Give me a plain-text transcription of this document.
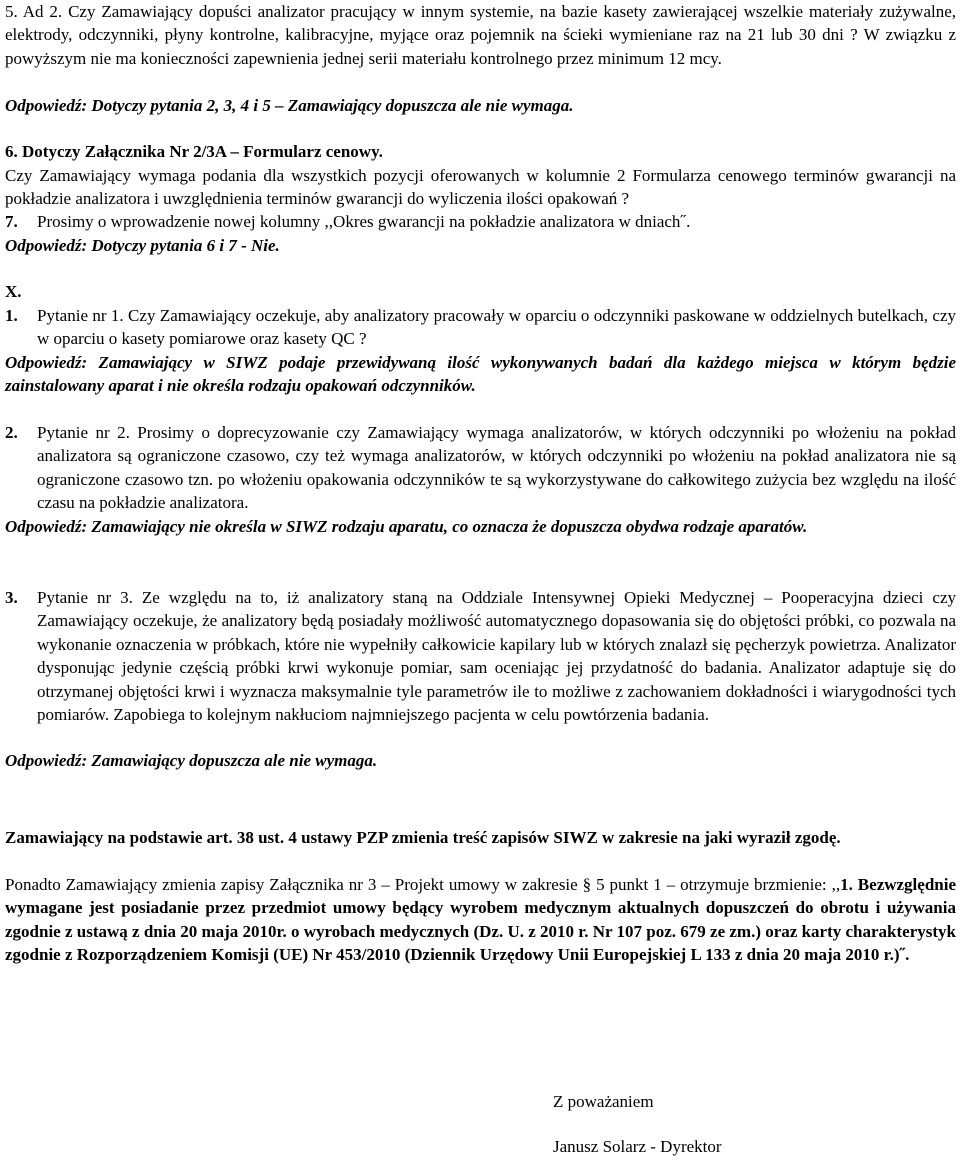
5. Ad 2. Czy Zamawiający dopuści analizator pracujący w innym systemie, na bazie kasety zawierającej wszelkie materiały zużywalne, elektrody, odczynniki, płyny kontrolne, kalibracyjne, myjące oraz pojemnik na ścieki wymieniane raz na 21 lub 30 dni ? W związku z powyższym nie ma konieczności zapewnienia jednej serii materiału kontrolnego przez minimum 12 mcy.
Odpowiedź: Dotyczy pytania 2, 3, 4 i 5 – Zamawiający dopuszcza ale nie wymaga.
6. Dotyczy Załącznika Nr 2/3A – Formularz cenowy.
Czy Zamawiający wymaga podania dla wszystkich pozycji oferowanych w kolumnie 2 Formularza cenowego terminów gwarancji na pokładzie analizatora i uwzględnienia terminów gwarancji do wyliczenia ilości opakowań ?
7. Prosimy o wprowadzenie nowej kolumny ,,Okres gwarancji na pokładzie analizatora w dniach˝.
Odpowiedź: Dotyczy pytania 6 i 7 - Nie.
X.
1. Pytanie nr 1. Czy Zamawiający oczekuje, aby analizatory pracowały w oparciu o odczynniki paskowane w oddzielnych butelkach, czy w oparciu o kasety pomiarowe oraz kasety QC ?
Odpowiedź: Zamawiający w SIWZ podaje przewidywaną ilość wykonywanych badań dla każdego miejsca w którym będzie zainstalowany aparat i nie określa rodzaju opakowań odczynników.
2. Pytanie nr 2. Prosimy o doprecyzowanie czy Zamawiający wymaga analizatorów, w których odczynniki po włożeniu na pokład analizatora są ograniczone czasowo, czy też wymaga analizatorów, w których odczynniki po włożeniu na pokład analizatora nie są ograniczone czasowo tzn. po włożeniu opakowania odczynników te są wykorzystywane do całkowitego zużycia bez względu na ilość czasu na pokładzie analizatora.
Odpowiedź: Zamawiający nie określa w SIWZ rodzaju aparatu, co oznacza że dopuszcza obydwa rodzaje aparatów.
3. Pytanie nr 3. Ze względu na to, iż analizatory staną na Oddziale Intensywnej Opieki Medycznej – Pooperacyjna dzieci czy Zamawiający oczekuje, że analizatory będą posiadały możliwość automatycznego dopasowania się do objętości próbki, co pozwala na wykonanie oznaczenia w próbkach, które nie wypełniły całkowicie kapilary lub w których znalazł się pęcherzyk powietrza. Analizator dysponując jedynie częścią próbki krwi wykonuje pomiar, sam oceniając jej przydatność do badania. Analizator adaptuje się do otrzymanej objętości krwi i wyznacza maksymalnie tyle parametrów ile to możliwe z zachowaniem dokładności i wiarygodności tych pomiarów. Zapobiega to kolejnym nakłuciom najmniejszego pacjenta w celu powtórzenia badania.
Odpowiedź: Zamawiający dopuszcza ale nie wymaga.
Zamawiający na podstawie art. 38 ust. 4 ustawy PZP zmienia treść zapisów SIWZ w zakresie na jaki wyraził zgodę.
Ponadto Zamawiający zmienia zapisy Załącznika nr 3 – Projekt umowy w zakresie § 5 punkt 1 – otrzymuje brzmienie: ,,1. Bezwzględnie wymagane jest posiadanie przez przedmiot umowy będący wyrobem medycznym aktualnych dopuszczeń do obrotu i używania zgodnie z ustawą z dnia 20 maja 2010r. o wyrobach medycznych (Dz. U. z 2010 r. Nr 107 poz. 679 ze zm.) oraz karty charakterystyk zgodnie z Rozporządzeniem Komisji (UE) Nr 453/2010 (Dziennik Urzędowy Unii Europejskiej L 133 z dnia 20 maja 2010 r.)˝.
Z poważaniem
Janusz Solarz - Dyrektor
